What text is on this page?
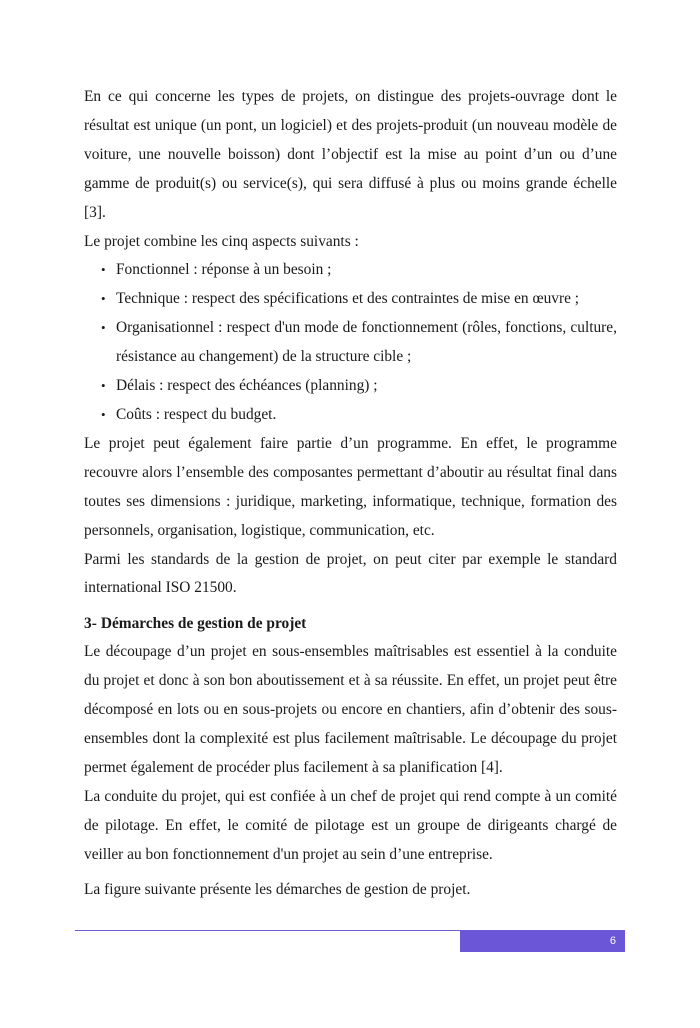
En ce qui concerne les types de projets, on distingue des projets-ouvrage dont le résultat est unique (un pont, un logiciel) et des projets-produit (un nouveau modèle de voiture, une nouvelle boisson) dont l’objectif est la mise au point d’un ou d’une gamme de produit(s) ou service(s), qui sera diffusé à plus ou moins grande échelle [3].

Le projet combine les cinq aspects suivants :

• Fonctionnel : réponse à un besoin ;
• Technique : respect des spécifications et des contraintes de mise en œuvre ;
• Organisationnel : respect d'un mode de fonctionnement (rôles, fonctions, culture, résistance au changement) de la structure cible ;
• Délais : respect des échéances (planning) ;
• Coûts : respect du budget.

Le projet peut également faire partie d’un programme. En effet, le programme recouvre alors l’ensemble des composantes permettant d’aboutir au résultat final dans toutes ses dimensions : juridique, marketing, informatique, technique, formation des personnels, organisation, logistique, communication, etc.

Parmi les standards de la gestion de projet, on peut citer par exemple le standard international ISO 21500.

3- Démarches de gestion de projet

Le découpage d’un projet en sous-ensembles maîtrisables est essentiel à la conduite du projet et donc à son bon aboutissement et à sa réussite. En effet, un projet peut être décomposé en lots ou en sous-projets ou encore en chantiers, afin d’obtenir des sous-ensembles dont la complexité est plus facilement maîtrisable. Le découpage du projet permet également de procéder plus facilement à sa planification [4].

La conduite du projet, qui est confiée à un chef de projet qui rend compte à un comité de pilotage. En effet, le comité de pilotage est un groupe de dirigeants chargé de veiller au bon fonctionnement d'un projet au sein d’une entreprise.

La figure suivante présente les démarches de gestion de projet.

6
